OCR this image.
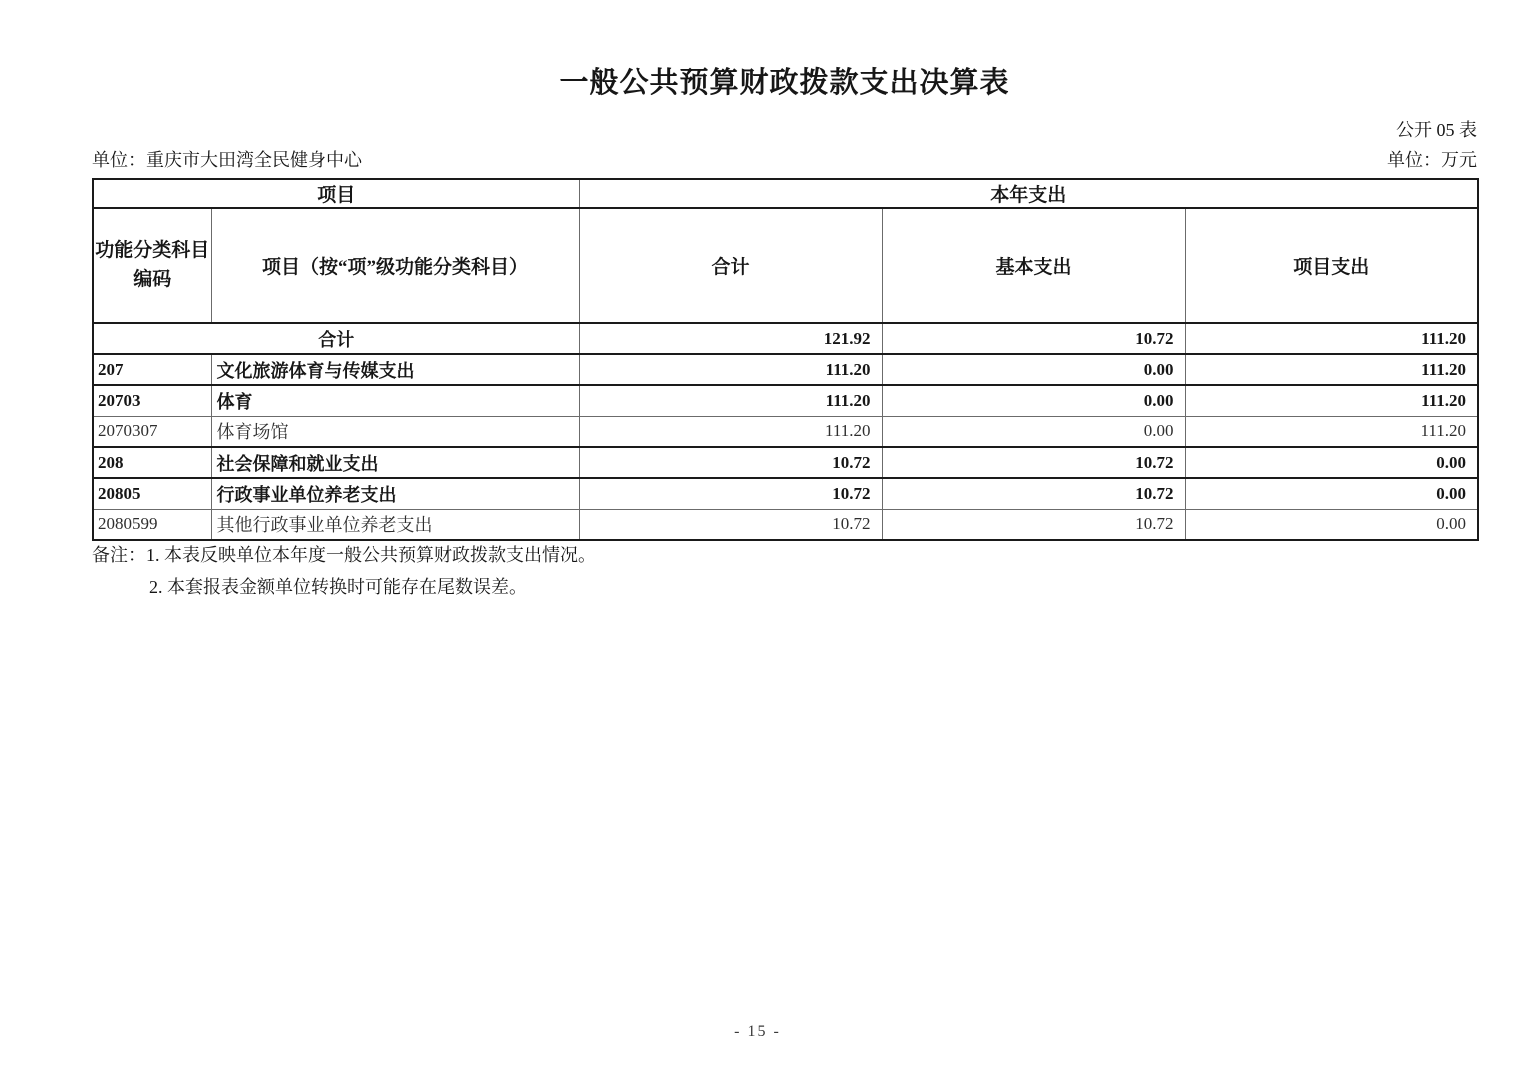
一般公共预算财政拨款支出决算表
公开 05 表
单位：重庆市大田湾全民健身中心	单位：万元
项目		本年支出		

功能分类科目
编码	项目（按“项”级功能分类科目）	合计	基本支出	项目支出
合计		121.92	10.72	111.20
207	文化旅游体育与传媒支出	111.20	0.00	111.20
20703	体育	111.20	0.00	111.20
2070307	体育场馆	111.20	0.00	111.20
208	社会保障和就业支出	10.72	10.72	0.00
20805	行政事业单位养老支出	10.72	10.72	0.00
2080599	其他行政事业单位养老支出	10.72	10.72	0.00
备注：1. 本表反映单位本年度一般公共预算财政拨款支出情况。
2. 本套报表金额单位转换时可能存在尾数误差。
- 15 -
